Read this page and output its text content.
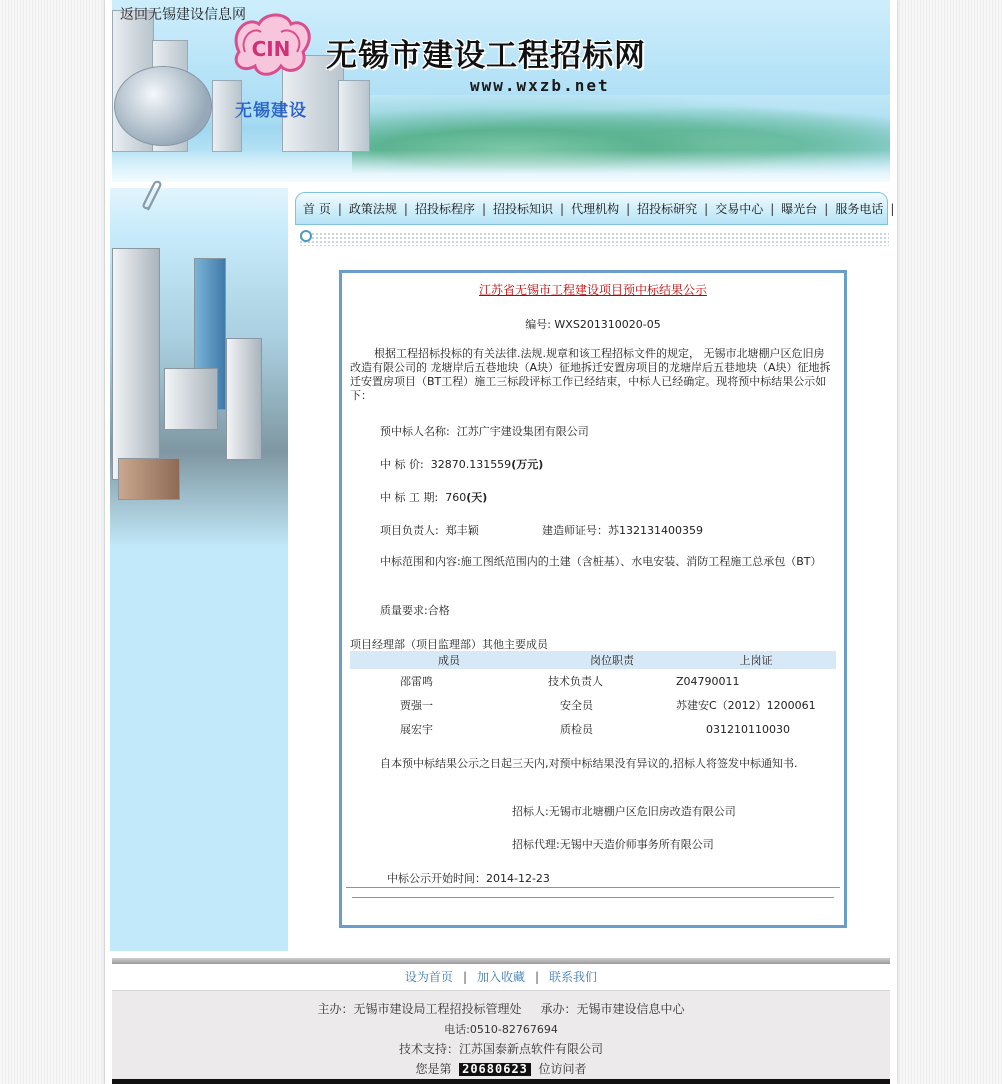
返回无锡建设信息网
CIN
无锡建设
无锡市建设工程招标网
www.wxzb.net
首 页 | 政策法规 | 招投标程序 | 招投标知识 | 代理机构 | 招投标研究 | 交易中心 | 曝光台 | 服务电话 |
江苏省无锡市工程建设项目预中标结果公示
编号: WXS201310020-05
根据工程招标投标的有关法律.法规.规章和该工程招标文件的规定， 无锡市北塘棚户区危旧房改造有限公司的 龙塘岸后五巷地块（A块）征地拆迁安置房项目的龙塘岸后五巷地块（A块）征地拆迁安置房项目（BT工程）施工三标段评标工作已经结束，中标人已经确定。现将预中标结果公示如下：
预中标人名称: 江苏广宇建设集团有限公司
中 标 价: 32870.131559(万元)
中 标 工 期: 760(天)
项目负责人: 郑丰颖	建造师证号：苏132131400359
中标范围和内容:施工图纸范围内的土建（含桩基）、水电安装、消防工程施工总承包（BT）
质量要求:合格
项目经理部（项目监理部）其他主要成员
成员	岗位职责	上岗证
邵雷鸣	技术负责人	Z04790011
贾强一	安全员	苏建安C（2012）1200061
展宏宇	质检员	031210110030
自本预中标结果公示之日起三天内,对预中标结果没有异议的,招标人将签发中标通知书.
招标人:无锡市北塘棚户区危旧房改造有限公司
招标代理:无锡中天造价师事务所有限公司
中标公示开始时间：2014-12-23
设为首页 | 加入收藏 | 联系我们
主办：无锡市建设局工程招投标管理处 承办：无锡市建设信息中心
电话:0510-82767694
技术支持：江苏国泰新点软件有限公司
您是第 20680623 位访问者
